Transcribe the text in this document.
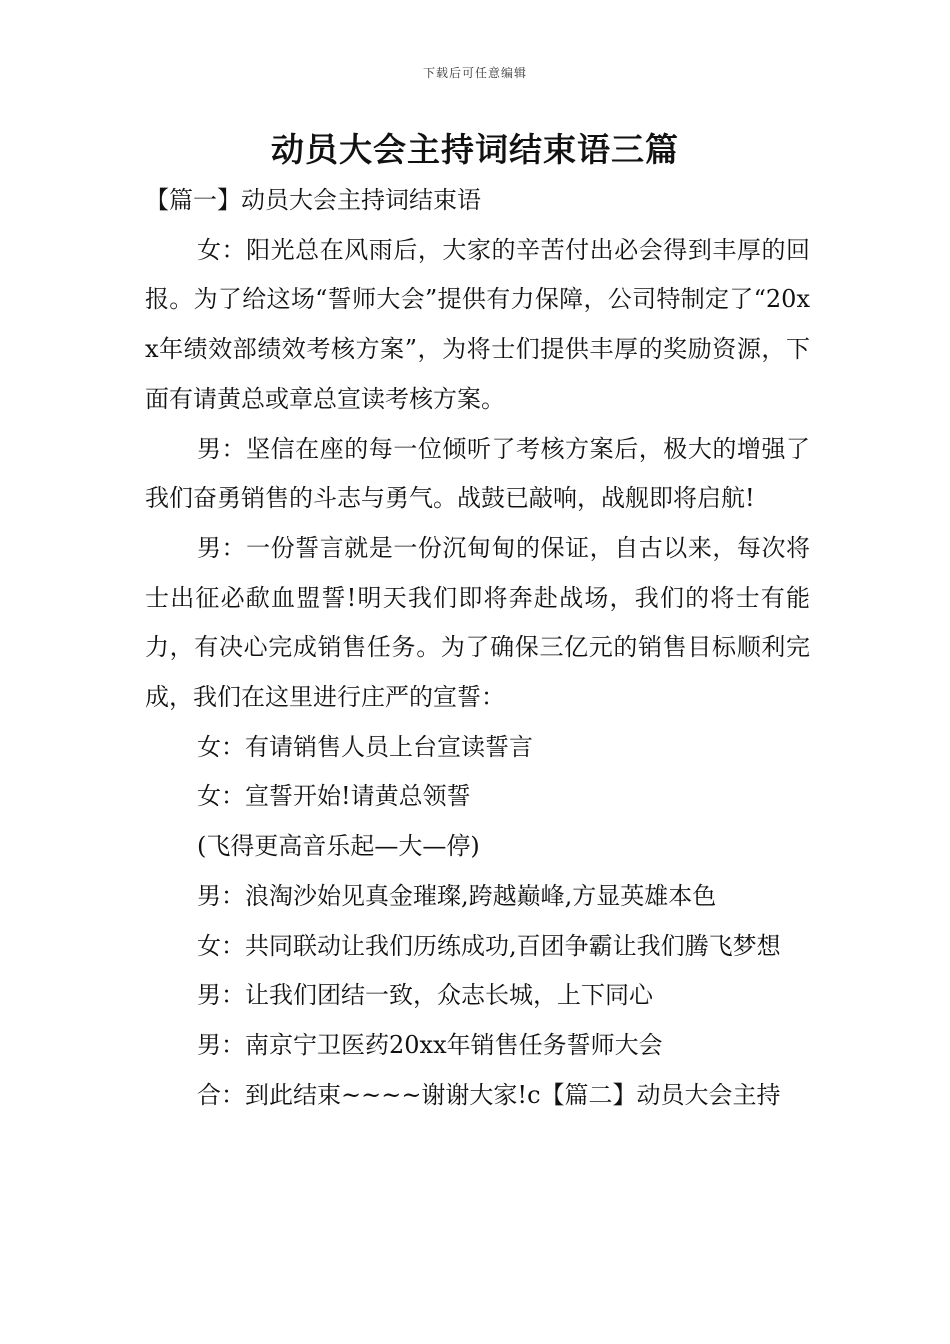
下载后可任意编辑
动员大会主持词结束语三篇

【篇一】动员大会主持词结束语

女：阳光总在风雨后，大家的辛苦付出必会得到丰厚的回报。为了给这场“誓师大会”提供有力保障，公司特制定了“20xx年绩效部绩效考核方案”，为将士们提供丰厚的奖励资源，下面有请黄总或章总宣读考核方案。

男：坚信在座的每一位倾听了考核方案后，极大的增强了我们奋勇销售的斗志与勇气。战鼓已敲响，战舰即将启航!

男：一份誓言就是一份沉甸甸的保证，自古以来，每次将士出征必歃血盟誓!明天我们即将奔赴战场，我们的将士有能力，有决心完成销售任务。为了确保三亿元的销售目标顺利完成，我们在这里进行庄严的宣誓：

女：有请销售人员上台宣读誓言

女：宣誓开始!请黄总领誓

(飞得更高音乐起—大—停)

男：浪淘沙始见真金璀璨,跨越巅峰,方显英雄本色

女：共同联动让我们历练成功,百团争霸让我们腾飞梦想

男：让我们团结一致，众志长城，上下同心

男：南京宁卫医药20xx年销售任务誓师大会

合：到此结束~~~~谢谢大家!c【篇二】动员大会主持
